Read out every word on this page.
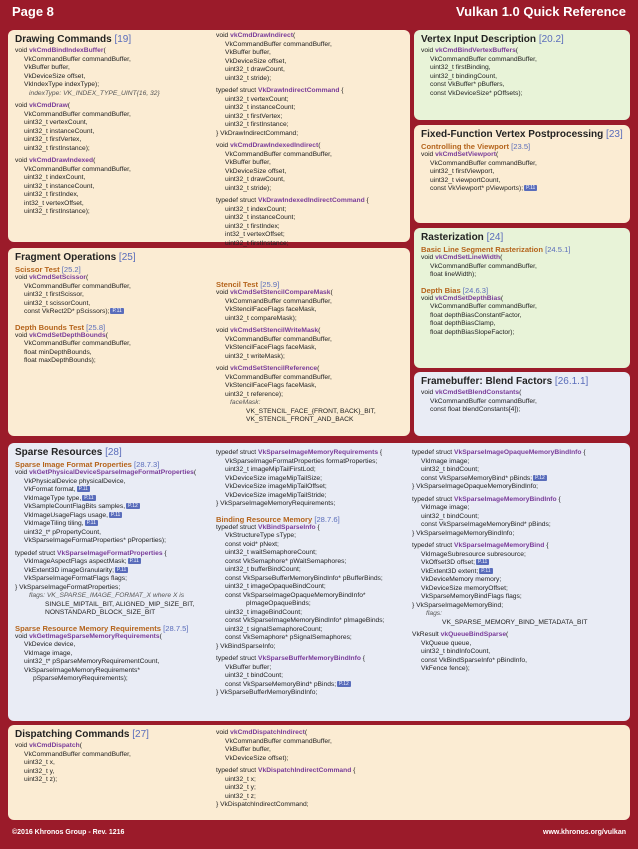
Page 8	Vulkan 1.0 Quick Reference
Drawing Commands [19]
void vkCmdBindIndexBuffer(
VkCommandBuffer commandBuffer,
VkBuffer buffer,
VkDeviceSize offset,
VkIndexType indexType);
indexType: VK_INDEX_TYPE_UINT{16, 32}
void vkCmdDraw(
VkCommandBuffer commandBuffer,
uint32_t vertexCount,
uint32_t instanceCount,
uint32_t firstVertex,
uint32_t firstInstance);
void vkCmdDrawIndexed(
VkCommandBuffer commandBuffer,
uint32_t indexCount,
uint32_t instanceCount,
uint32_t firstIndex,
int32_t vertexOffset,
uint32_t firstInstance);
void vkCmdDrawIndirect(
VkCommandBuffer commandBuffer,
VkBuffer buffer,
VkDeviceSize offset,
uint32_t drawCount,
uint32_t stride);
typedef struct VkDrawIndirectCommand {
uint32_t vertexCount;
uint32_t instanceCount;
uint32_t firstVertex;
uint32_t firstInstance;
} VkDrawIndirectCommand;
void vkCmdDrawIndexedIndirect(
VkCommandBuffer commandBuffer,
VkBuffer buffer,
VkDeviceSize offset,
uint32_t drawCount,
uint32_t stride);
typedef struct VkDrawIndexedIndirectCommand {
uint32_t indexCount;
uint32_t instanceCount;
uint32_t firstIndex;
int32_t vertexOffset;
uint32_t firstInstance;
Vertex Input Description [20.2]
void vkCmdBindVertexBuffers(
VkCommandBuffer commandBuffer,
uint32_t firstBinding,
uint32_t bindingCount,
const VkBuffer* pBuffers,
const VkDeviceSize* pOffsets);
Fixed-Function Vertex Postprocessing [23]
Controlling the Viewport [23.5]
void vkCmdSetViewport(
VkCommandBuffer commandBuffer,
uint32_t firstViewport,
uint32_t viewportCount,
const VkViewport* pViewports); P.11
Rasterization [24]
Basic Line Segment Rasterization [24.5.1]
void vkCmdSetLineWidth(
VkCommandBuffer commandBuffer,
float lineWidth);
Depth Bias [24.6.3]
void vkCmdSetDepthBias(
VkCommandBuffer commandBuffer,
float depthBiasConstantFactor,
float depthBiasClamp,
float depthBiasSlopeFactor);
Fragment Operations [25]
Scissor Test [25.2]
void vkCmdSetScissor(
VkCommandBuffer commandBuffer,
uint32_t firstScissor,
uint32_t scissorCount,
const VkRect2D* pScissors); P.11
Depth Bounds Test [25.8]
void vkCmdSetDepthBounds(
VkCommandBuffer commandBuffer,
float minDepthBounds,
float maxDepthBounds);
Stencil Test [25.9]
void vkCmdSetStencilCompareMask(
VkCommandBuffer commandBuffer,
VkStencilFaceFlags faceMask,
uint32_t compareMask);
void vkCmdSetStencilWriteMask(
VkCommandBuffer commandBuffer,
VkStencilFaceFlags faceMask,
uint32_t writeMask);
void vkCmdSetStencilReference(
VkCommandBuffer commandBuffer,
VkStencilFaceFlags faceMask,
uint32_t reference);
faceMask:
VK_STENCIL_FACE_{FRONT, BACK}_BIT,
VK_STENCIL_FRONT_AND_BACK
Framebuffer: Blend Factors [26.1.1]
void vkCmdSetBlendConstants(
VkCommandBuffer commandBuffer,
const float blendConstants[4]);
Sparse Resources [28]
Sparse Image Format Properties [28.7.3]
void vkGetPhysicalDeviceSparseImageFormatProperties(
VkPhysicalDevice physicalDevice,
VkFormat format, P.11
VkImageType type, P.11
VkSampleCountFlagBits samples, P.12
VkImageUsageFlags usage, P.11
VkImageTiling tiling, P.11
uint32_t* pPropertyCount,
VkSparseImageFormatProperties* pProperties);
typedef struct VkSparseImageFormatProperties {
VkImageAspectFlags aspectMask; P.11
VkExtent3D imageGranularity; P.11
VkSparseImageFormatFlags flags;
} VkSparseImageFormatProperties;
flags: VK_SPARSE_IMAGE_FORMAT_X where X is
SINGLE_MIPTAIL_BIT, ALIGNED_MIP_SIZE_BIT,
NONSTANDARD_BLOCK_SIZE_BIT
Sparse Resource Memory Requirements [28.7.5]
void vkGetImageSparseMemoryRequirements(
VkDevice device,
VkImage image,
uint32_t* pSparseMemoryRequirementCount,
VkSparseImageMemoryRequirements*
pSparseMemoryRequirements);
typedef struct VkSparseImageMemoryRequirements {
VkSparseImageFormatProperties formatProperties;
uint32_t imageMipTailFirstLod;
VkDeviceSize imageMipTailSize;
VkDeviceSize imageMipTailOffset;
VkDeviceSize imageMipTailStride;
} VkSparseImageMemoryRequirements;
Binding Resource Memory [28.7.6]
typedef struct VkBindSparseInfo {
VkStructureType sType;
const void* pNext;
uint32_t waitSemaphoreCount;
const VkSemaphore* pWaitSemaphores;
uint32_t bufferBindCount;
const VkSparseBufferMemoryBindInfo* pBufferBinds;
uint32_t imageOpaqueBindCount;
const VkSparseImageOpaqueMemoryBindInfo*
pImageOpaqueBinds;
uint32_t imageBindCount;
const VkSparseImageMemoryBindInfo* pImageBinds;
uint32_t signalSemaphoreCount;
const VkSemaphore* pSignalSemaphores;
} VkBindSparseInfo;
typedef struct VkSparseBufferMemoryBindInfo {
VkBuffer buffer;
uint32_t bindCount;
const VkSparseMemoryBind* pBinds; P.12
} VkSparseBufferMemoryBindInfo;
typedef struct VkSparseImageOpaqueMemoryBindInfo {
VkImage image;
uint32_t bindCount;
const VkSparseMemoryBind* pBinds; P.12
} VkSparseImageOpaqueMemoryBindInfo;
typedef struct VkSparseImageMemoryBindInfo {
VkImage image;
uint32_t bindCount;
const VkSparseImageMemoryBind* pBinds;
} VkSparseImageMemoryBindInfo;
typedef struct VkSparseImageMemoryBind {
VkImageSubresource subresource;
VkOffset3D offset; P.11
VkExtent3D extent; P.11
VkDeviceMemory memory;
VkDeviceSize memoryOffset;
VkSparseMemoryBindFlags flags;
} VkSparseImageMemoryBind;
flags:
VK_SPARSE_MEMORY_BIND_METADATA_BIT
VkResult vkQueueBindSparse(
VkQueue queue,
uint32_t bindInfoCount,
const VkBindSparseInfo* pBindInfo,
VkFence fence);
Dispatching Commands [27]
void vkCmdDispatch(
VkCommandBuffer commandBuffer,
uint32_t x,
uint32_t y,
uint32_t z);
void vkCmdDispatchIndirect(
VkCommandBuffer commandBuffer,
VkBuffer buffer,
VkDeviceSize offset);
typedef struct VkDispatchIndirectCommand {
uint32_t x;
uint32_t y;
uint32_t z;
} VkDispatchIndirectCommand;
©2016 Khronos Group - Rev. 1216	www.khronos.org/vulkan
